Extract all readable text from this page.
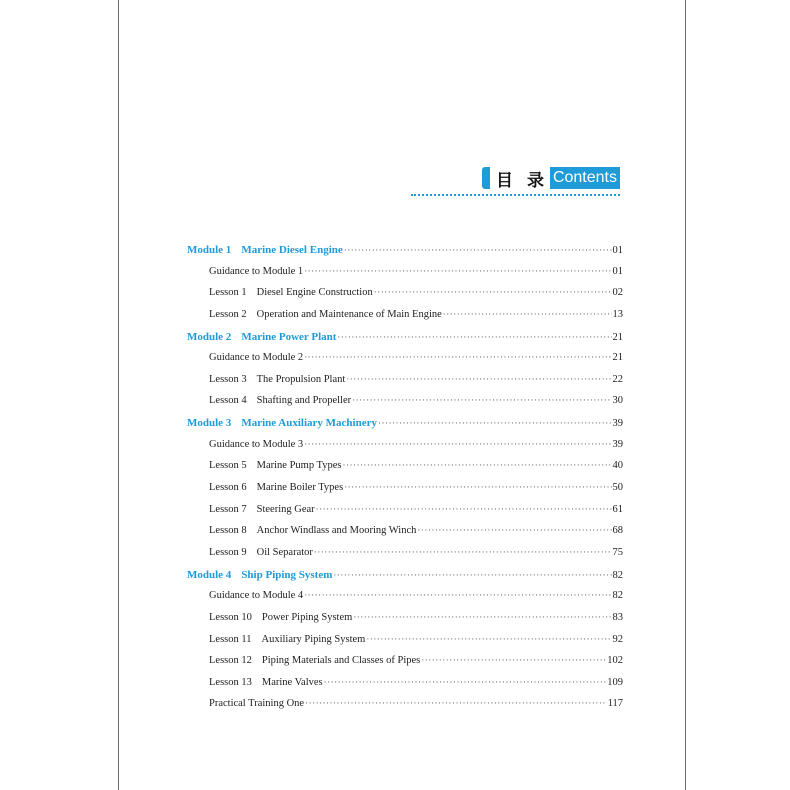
目 录 Contents
Module 1 Marine Diesel Engine ·····	01
Guidance to Module 1 ·····	01
Lesson 1 Diesel Engine Construction ·····	02
Lesson 2 Operation and Maintenance of Main Engine ·····	13
Module 2 Marine Power Plant ·····	21
Guidance to Module 2 ·····	21
Lesson 3 The Propulsion Plant ·····	22
Lesson 4 Shafting and Propeller ·····	30
Module 3 Marine Auxiliary Machinery ·····	39
Guidance to Module 3 ·····	39
Lesson 5 Marine Pump Types ·····	40
Lesson 6 Marine Boiler Types ·····	50
Lesson 7 Steering Gear ·····	61
Lesson 8 Anchor Windlass and Mooring Winch ·····	68
Lesson 9 Oil Separator ·····	75
Module 4 Ship Piping System ·····	82
Guidance to Module 4 ·····	82
Lesson 10 Power Piping System ·····	83
Lesson 11 Auxiliary Piping System ·····	92
Lesson 12 Piping Materials and Classes of Pipes ·····	102
Lesson 13 Marine Valves ·····	109
Practical Training One ·····	117
